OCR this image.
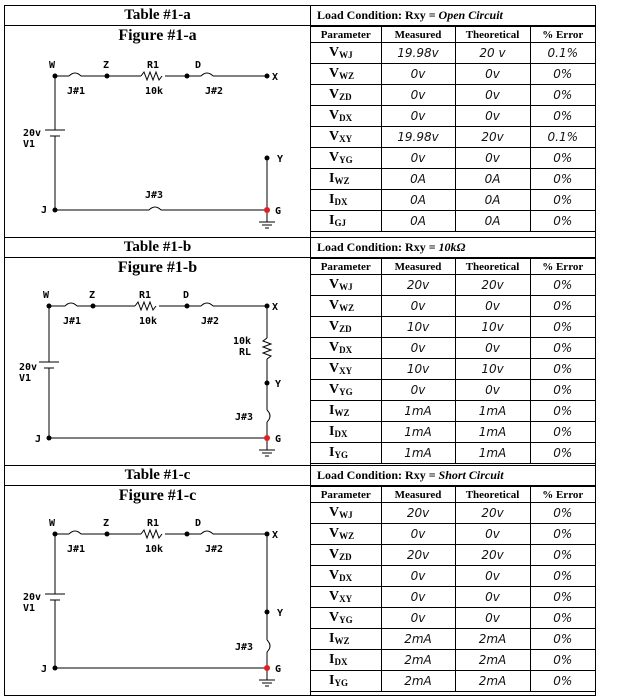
Table #1-a
Figure #1-a
W	Z	R1	D
X
J#1	10k	J#2
20v
V1
Y
J#3
J	G
Load Condition: Rxy = Open Circuit
Parameter	Measured	Theoretical	% Error
$V_{WJ}$	19.98v	20 v	0.1%
$V_{WZ}$	0v	0v	0%
$V_{ZD}$	0v	0v	0%
$V_{DX}$	0v	0v	0%
$V_{XY}$	19.98v	20v	0.1%
$V_{YG}$	0v	0v	0%
$I_{WZ}$	0A	0A	0%
$I_{DX}$	0A	0A	0%
$I_{GJ}$	0A	0A	0%
Table #1-b
Figure #1-b
W	Z	R1	D
X
J#1	10k	J#2
10k
RL
20v
V1
Y
J#3
J	G
Load Condition: Rxy = 10kΩ
Parameter	Measured	Theoretical	% Error
$V_{WJ}$	20v	20v	0%
$V_{WZ}$	0v	0v	0%
$V_{ZD}$	10v	10v	0%
$V_{DX}$	0v	0v	0%
$V_{XY}$	10v	10v	0%
$V_{YG}$	0v	0v	0%
$I_{WZ}$	1mA	1mA	0%
$I_{DX}$	1mA	1mA	0%
$I_{YG}$	1mA	1mA	0%
Table #1-c
Figure #1-c
W	Z	R1	D
X
J#1	10k	J#2
20v
V1	Y
J#3
J	G
Load Condition: Rxy = Short Circuit
Parameter	Measured	Theoretical	% Error
$V_{WJ}$	20v	20v	0%
$V_{WZ}$	0v	0v	0%
$V_{ZD}$	20v	20v	0%
$V_{DX}$	0v	0v	0%
$V_{XY}$	0v	0v	0%
$V_{YG}$	0v	0v	0%
$I_{WZ}$	2mA	2mA	0%
$I_{DX}$	2mA	2mA	0%
$I_{YG}$	2mA	2mA	0%
